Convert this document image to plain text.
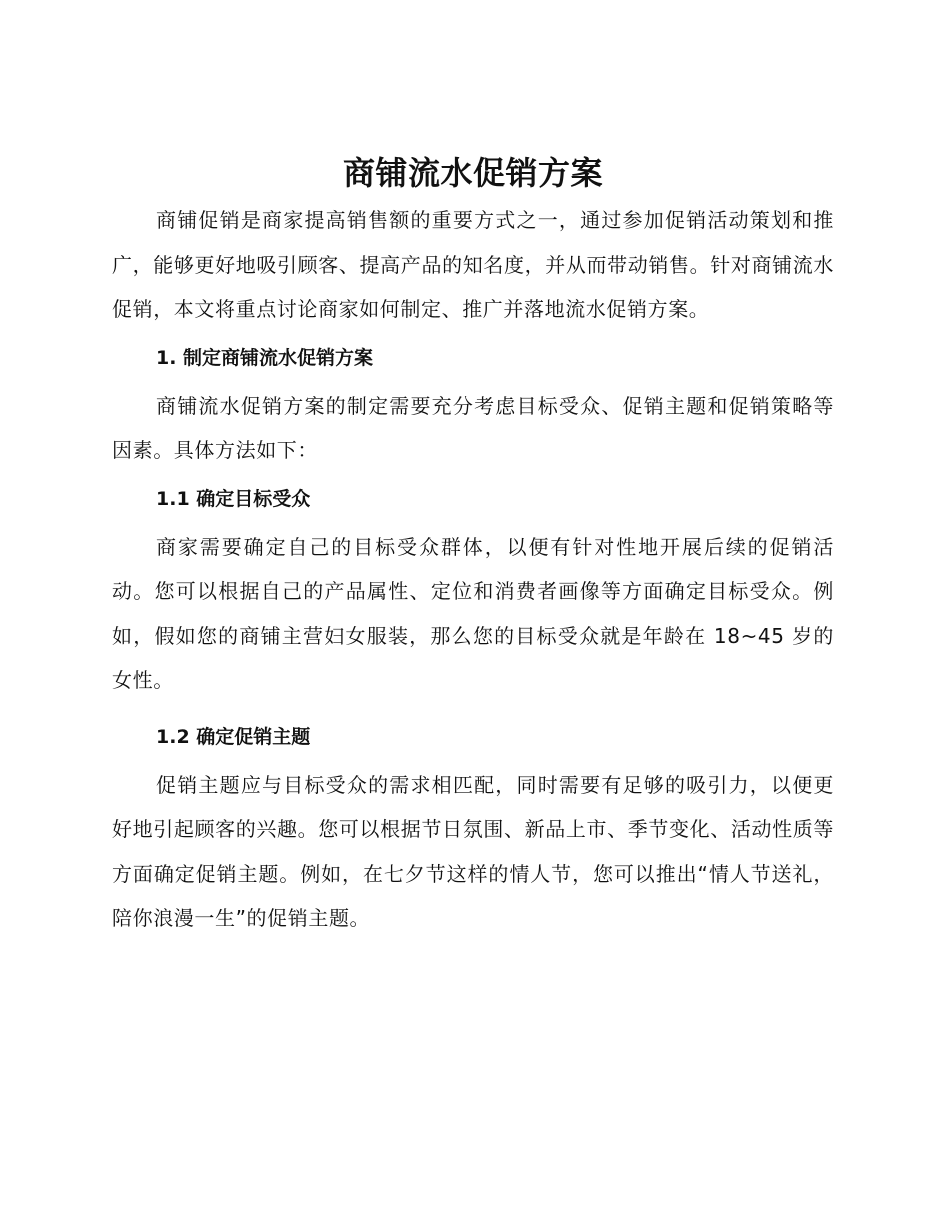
商铺流水促销方案

商铺促销是商家提高销售额的重要方式之一，通过参加促销活动策划和推广，能够更好地吸引顾客、提高产品的知名度，并从而带动销售。针对商铺流水促销，本文将重点讨论商家如何制定、推广并落地流水促销方案。

1. 制定商铺流水促销方案

商铺流水促销方案的制定需要充分考虑目标受众、促销主题和促销策略等因素。具体方法如下：

1.1 确定目标受众

商家需要确定自己的目标受众群体，以便有针对性地开展后续的促销活动。您可以根据自己的产品属性、定位和消费者画像等方面确定目标受众。例如，假如您的商铺主营妇女服装，那么您的目标受众就是年龄在 18~45 岁的女性。

1.2 确定促销主题

促销主题应与目标受众的需求相匹配，同时需要有足够的吸引力，以便更好地引起顾客的兴趣。您可以根据节日氛围、新品上市、季节变化、活动性质等方面确定促销主题。例如，在七夕节这样的情人节，您可以推出“情人节送礼，陪你浪漫一生”的促销主题。
